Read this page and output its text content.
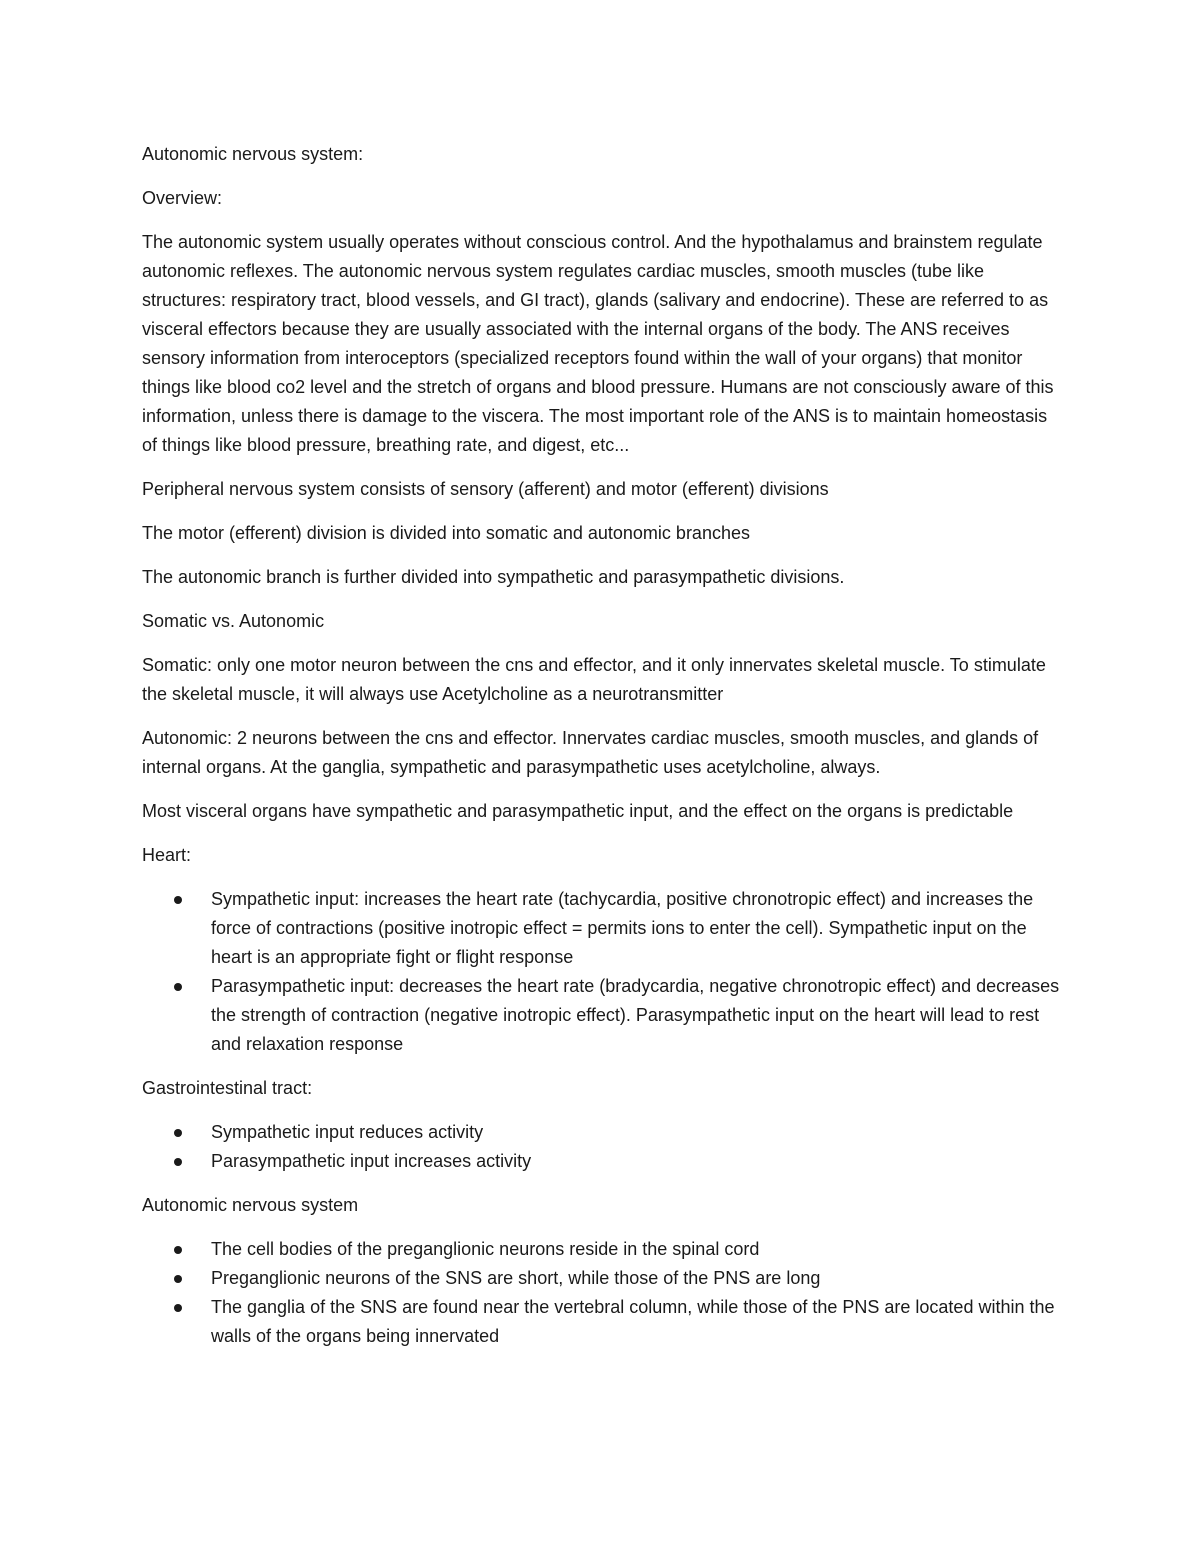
Autonomic nervous system:

Overview:

The autonomic system usually operates without conscious control. And the hypothalamus and brainstem regulate autonomic reflexes. The autonomic nervous system regulates cardiac muscles, smooth muscles (tube like structures: respiratory tract, blood vessels, and GI tract), glands (salivary and endocrine). These are referred to as visceral effectors because they are usually associated with the internal organs of the body. The ANS receives sensory information from interoceptors (specialized receptors found within the wall of your organs) that monitor things like blood co2 level and the stretch of organs and blood pressure. Humans are not consciously aware of this information, unless there is damage to the viscera. The most important role of the ANS is to maintain homeostasis of things like blood pressure, breathing rate, and digest, etc...

Peripheral nervous system consists of sensory (afferent) and motor (efferent) divisions

The motor (efferent) division is divided into somatic and autonomic branches

The autonomic branch is further divided into sympathetic and parasympathetic divisions.

Somatic vs. Autonomic

Somatic: only one motor neuron between the cns and effector, and it only innervates skeletal muscle. To stimulate the skeletal muscle, it will always use Acetylcholine as a neurotransmitter

Autonomic: 2 neurons between the cns and effector. Innervates cardiac muscles, smooth muscles, and glands of internal organs. At the ganglia, sympathetic and parasympathetic uses acetylcholine, always.

Most visceral organs have sympathetic and parasympathetic input, and the effect on the organs is predictable

Heart:

Sympathetic input: increases the heart rate (tachycardia, positive chronotropic effect) and increases the force of contractions (positive inotropic effect = permits ions to enter the cell). Sympathetic input on the heart is an appropriate fight or flight response
Parasympathetic input: decreases the heart rate (bradycardia, negative chronotropic effect) and decreases the strength of contraction (negative inotropic effect). Parasympathetic input on the heart will lead to rest and relaxation response

Gastrointestinal tract:

Sympathetic input reduces activity
Parasympathetic input increases activity

Autonomic nervous system

The cell bodies of the preganglionic neurons reside in the spinal cord
Preganglionic neurons of the SNS are short, while those of the PNS are long
The ganglia of the SNS are found near the vertebral column, while those of the PNS are located within the walls of the organs being innervated
